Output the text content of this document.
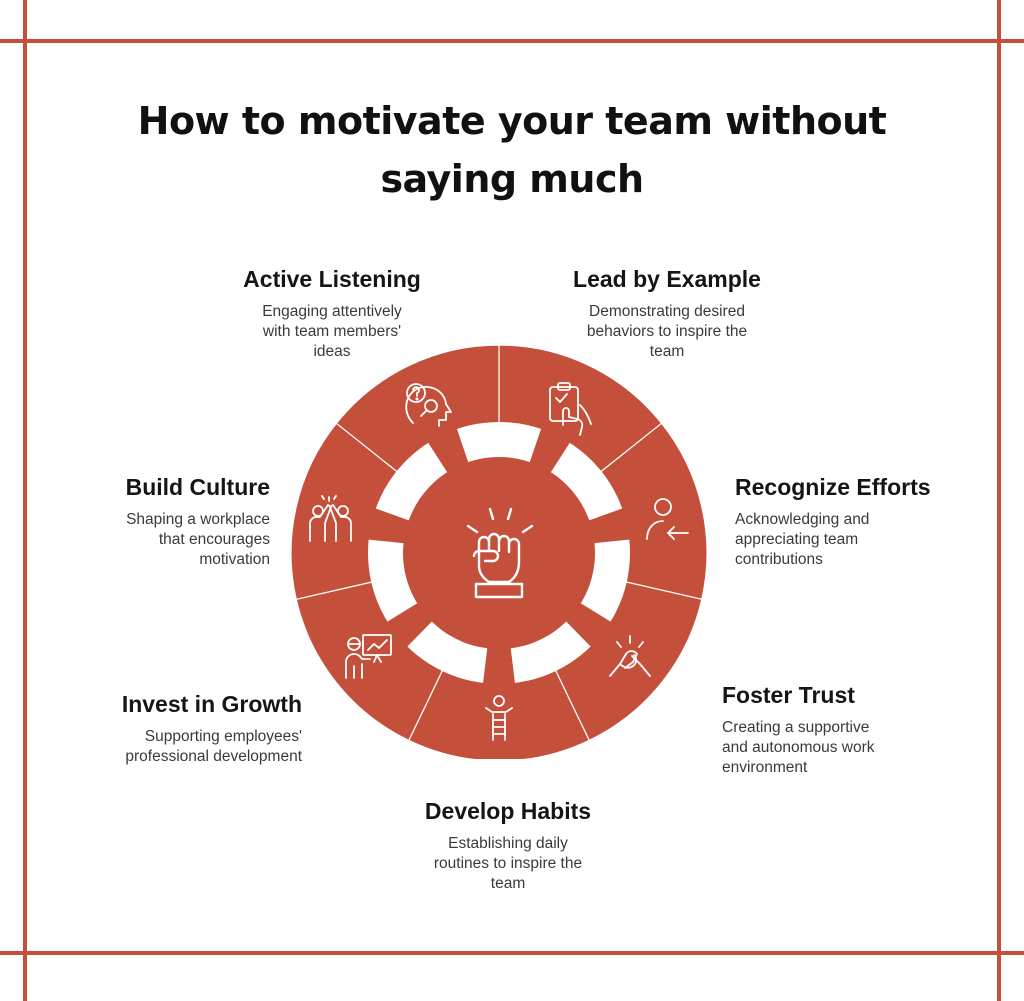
How to motivate your team without saying much
Active Listening

Engaging attentively with team members' ideas

Lead by Example

Demonstrating desired behaviors to inspire the team

Recognize Efforts

Acknowledging and appreciating team contributions

Foster Trust

Creating a supportive and autonomous work environment

Develop Habits

Establishing daily routines to inspire the team

Invest in Growth

Supporting employees' professional development

Build Culture

Shaping a workplace that encourages motivation
